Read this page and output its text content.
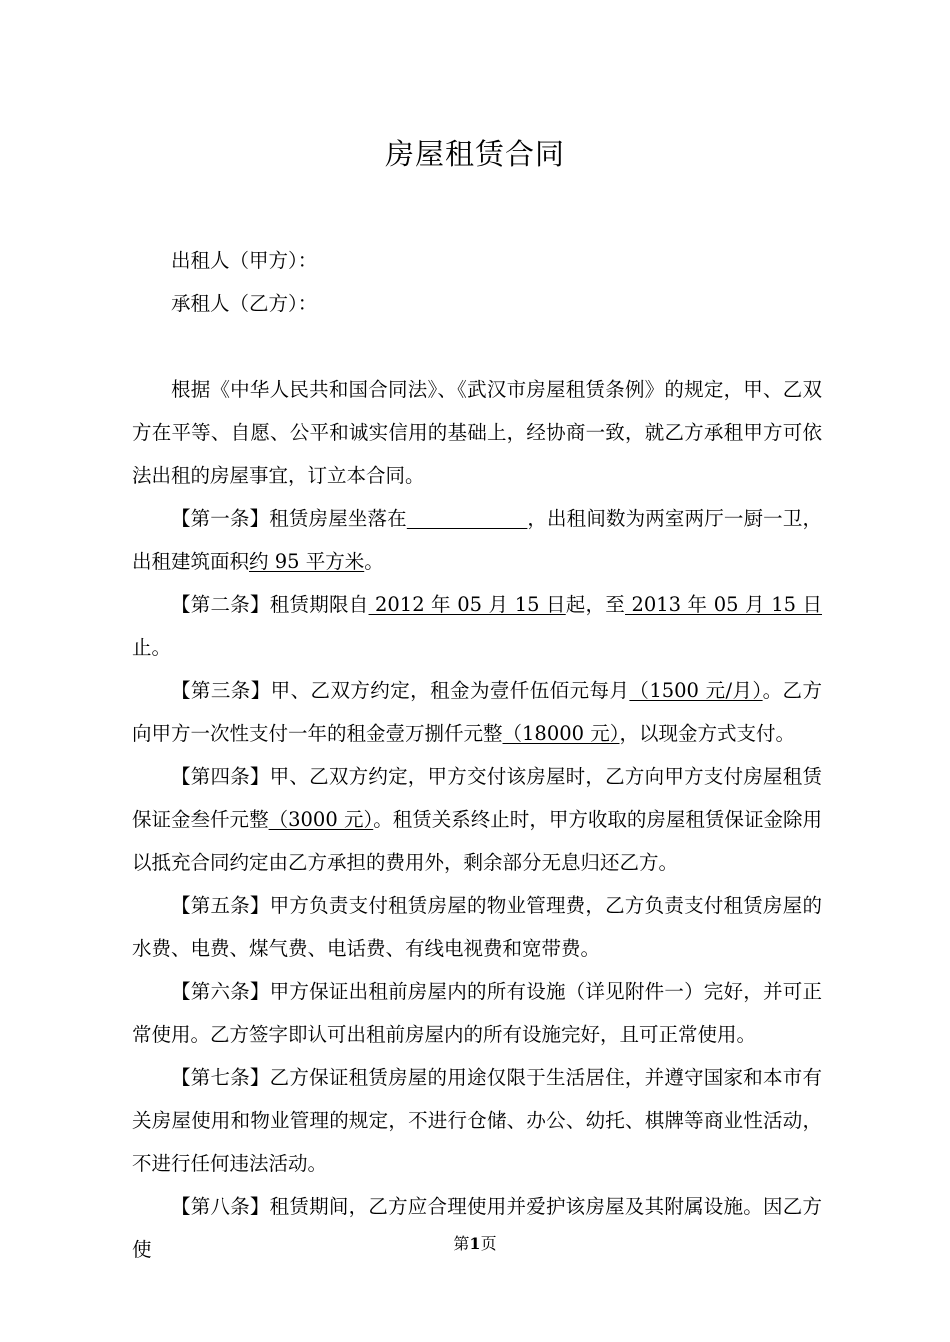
房屋租赁合同

出租人（甲方）：

承租人（乙方）：

根据《中华人民共和国合同法》、《武汉市房屋租赁条例》的规定，甲、乙双方在平等、自愿、公平和诚实信用的基础上，经协商一致，就乙方承租甲方可依法出租的房屋事宜，订立本合同。

【第一条】租赁房屋坐落在	，出租间数为两室两厅一厨一卫，出租建筑面积约 95 平方米。

【第二条】租赁期限自 2012 年 05 月 15 日起，至 2013 年 05 月 15 日止。

【第三条】甲、乙双方约定，租金为壹仟伍佰元每月（1500 元/月）。乙方向甲方一次性支付一年的租金壹万捌仟元整（18000 元），以现金方式支付。

【第四条】甲、乙双方约定，甲方交付该房屋时，乙方向甲方支付房屋租赁保证金叁仟元整（3000 元）。租赁关系终止时，甲方收取的房屋租赁保证金除用以抵充合同约定由乙方承担的费用外，剩余部分无息归还乙方。

【第五条】甲方负责支付租赁房屋的物业管理费，乙方负责支付租赁房屋的水费、电费、煤气费、电话费、有线电视费和宽带费。

【第六条】甲方保证出租前房屋内的所有设施（详见附件一）完好，并可正常使用。乙方签字即认可出租前房屋内的所有设施完好，且可正常使用。

【第七条】乙方保证租赁房屋的用途仅限于生活居住，并遵守国家和本市有关房屋使用和物业管理的规定，不进行仓储、办公、幼托、棋牌等商业性活动，不进行任何违法活动。

【第八条】租赁期间，乙方应合理使用并爱护该房屋及其附属设施。因乙方使	第1页
